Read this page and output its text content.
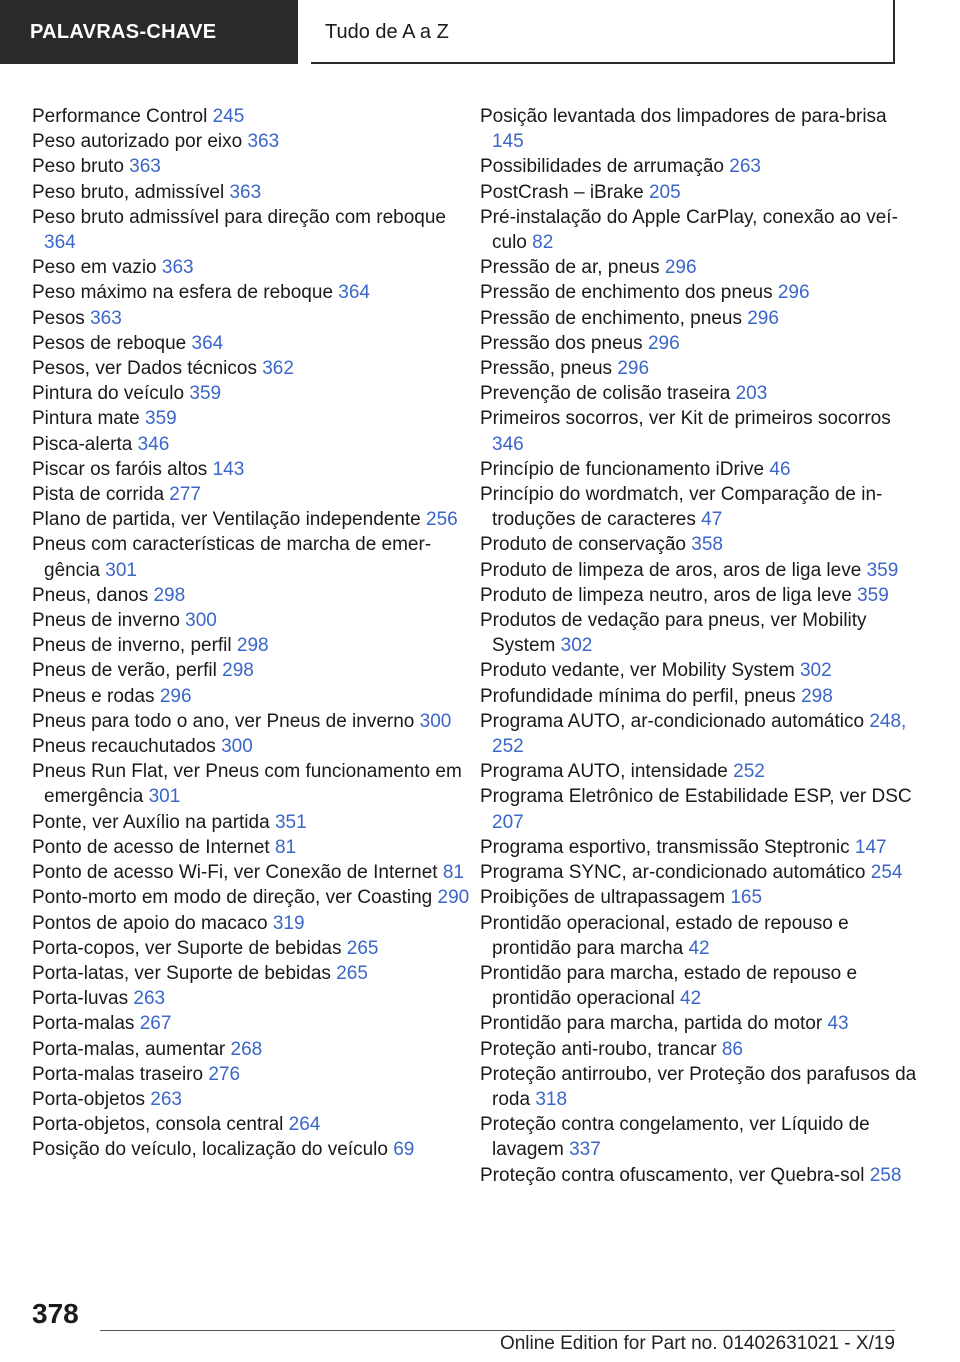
PALAVRAS-CHAVE	Tudo de A a Z
Performance Control 245
Peso autorizado por eixo 363
Peso bruto 363
Peso bruto, admissível 363
Peso bruto admissível para direção com reboque 364
Peso em vazio 363
Peso máximo na esfera de reboque 364
Pesos 363
Pesos de reboque 364
Pesos, ver Dados técnicos 362
Pintura do veículo 359
Pintura mate 359
Pisca-alerta 346
Piscar os faróis altos 143
Pista de corrida 277
Plano de partida, ver Ventilação independente 256
Pneus com características de marcha de emergência 301
Pneus, danos 298
Pneus de inverno 300
Pneus de inverno, perfil 298
Pneus de verão, perfil 298
Pneus e rodas 296
Pneus para todo o ano, ver Pneus de inverno 300
Pneus recauchutados 300
Pneus Run Flat, ver Pneus com funcionamento em emergência 301
Ponte, ver Auxílio na partida 351
Ponto de acesso de Internet 81
Ponto de acesso Wi-Fi, ver Conexão de Internet 81
Ponto-morto em modo de direção, ver Coasting 290
Pontos de apoio do macaco 319
Porta-copos, ver Suporte de bebidas 265
Porta-latas, ver Suporte de bebidas 265
Porta-luvas 263
Porta-malas 267
Porta-malas, aumentar 268
Porta-malas traseiro 276
Porta-objetos 263
Porta-objetos, consola central 264
Posição do veículo, localização do veículo 69
Posição levantada dos limpadores de para-brisa 145
Possibilidades de arrumação 263
PostCrash – iBrake 205
Pré-instalação do Apple CarPlay, conexão ao veículo 82
Pressão de ar, pneus 296
Pressão de enchimento dos pneus 296
Pressão de enchimento, pneus 296
Pressão dos pneus 296
Pressão, pneus 296
Prevenção de colisão traseira 203
Primeiros socorros, ver Kit de primeiros socorros 346
Princípio de funcionamento iDrive 46
Princípio do wordmatch, ver Comparação de introduções de caracteres 47
Produto de conservação 358
Produto de limpeza de aros, aros de liga leve 359
Produto de limpeza neutro, aros de liga leve 359
Produtos de vedação para pneus, ver Mobility System 302
Produto vedante, ver Mobility System 302
Profundidade mínima do perfil, pneus 298
Programa AUTO, ar-condicionado automático 248, 252
Programa AUTO, intensidade 252
Programa Eletrônico de Estabilidade ESP, ver DSC 207
Programa esportivo, transmissão Steptronic 147
Programa SYNC, ar-condicionado automático 254
Proibições de ultrapassagem 165
Prontidão operacional, estado de repouso e prontidão para marcha 42
Prontidão para marcha, estado de repouso e prontidão operacional 42
Prontidão para marcha, partida do motor 43
Proteção anti-roubo, trancar 86
Proteção antirroubo, ver Proteção dos parafusos da roda 318
Proteção contra congelamento, ver Líquido de lavagem 337
Proteção contra ofuscamento, ver Quebra-sol 258
378
Online Edition for Part no. 01402631021 - X/19
